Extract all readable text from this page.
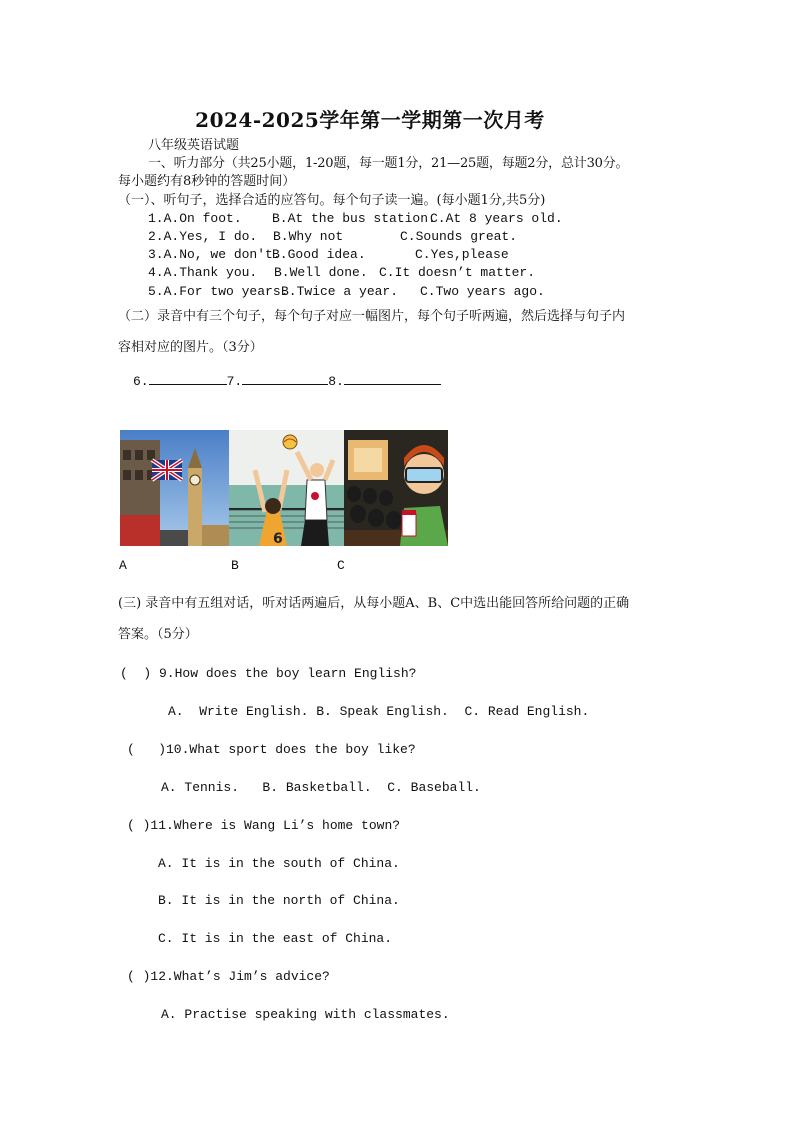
2024-2025学年第一学期第一次月考
八年级英语试题
一、听力部分（共25小题，1-20题，每一题1分，21—25题，每题2分，总计30分。
每小题约有8秒钟的答题时间）
（一）、听句子，选择合适的应答句。每个句子读一遍。(每小题1分,共5分)
1.A.On foot. B.At the bus station.
C.At 8 years old.
2.A.Yes, I do. B.Why not	C.Sounds great.
3.A.No, we don't.
B.Good idea.	C.Yes,please
4.A.Thank you. B.Well done. C.It doesn’t matter.
5.A.For two years.
B.Twice a year. C.Two years ago.
（二）录音中有三个句子，每个句子对应一幅图片，每个句子听两遍，然后选择与句子内
容相对应的图片。（3分）
6.	7.	8.
6
A	B	C
(三) 录音中有五组对话，听对话两遍后，从每小题A、B、C中选出能回答所给问题的正确
答案。（5分）
(  ) 9.How does the boy learn English?
A.  Write English. B. Speak English.  C. Read English.
(   )10.What sport does the boy like?
A. Tennis.   B. Basketball.  C. Baseball.
( )11.Where is Wang Li’s home town?
A. It is in the south of China.
B. It is in the north of China.
C. It is in the east of China.
( )12.What’s Jim’s advice?
A. Practise speaking with classmates.
